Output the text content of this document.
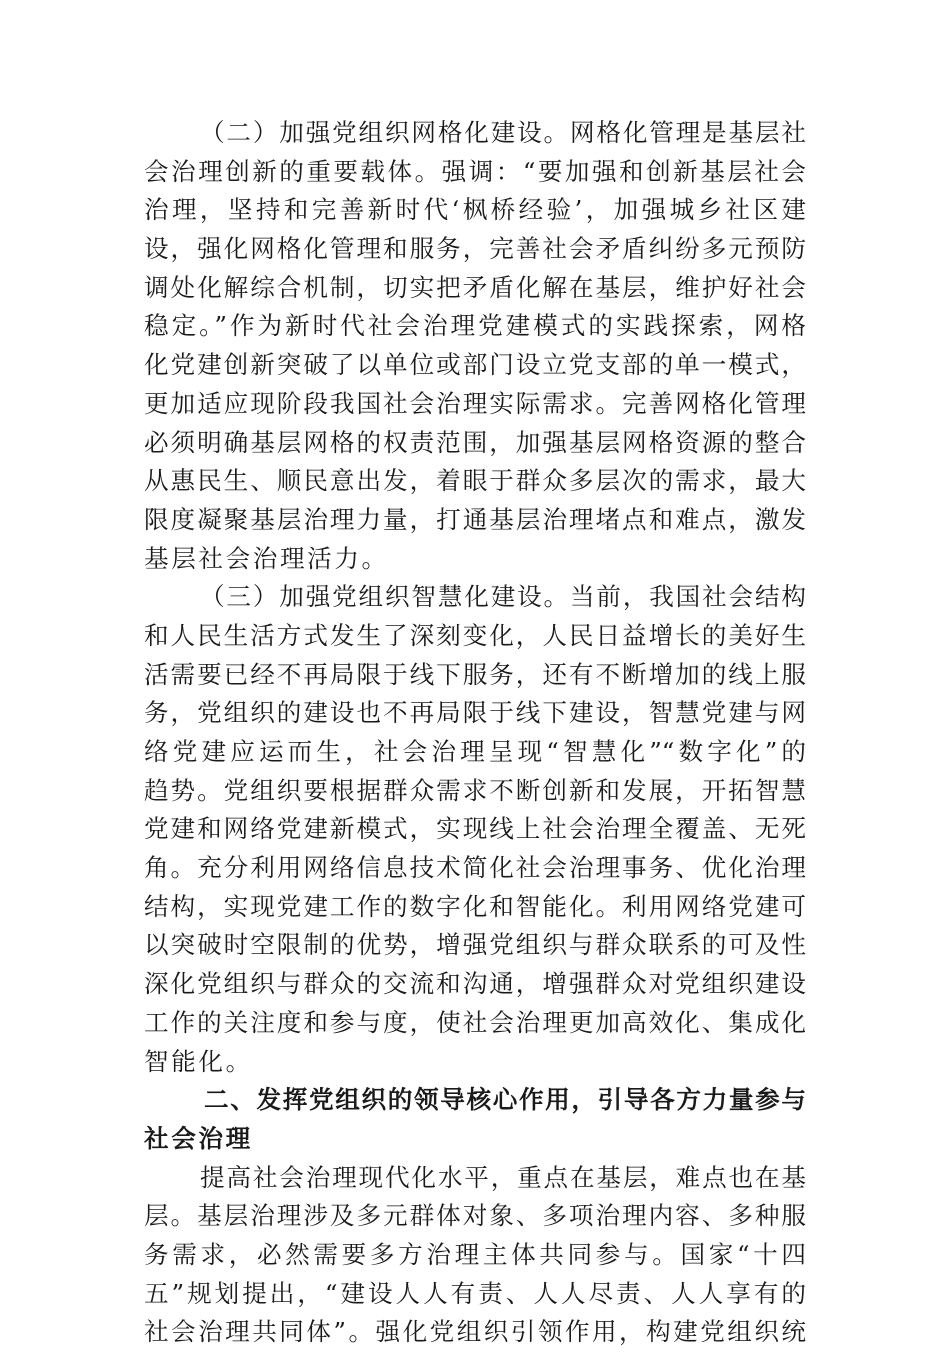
（二）加强党组织网格化建设。网格化管理是基层社
会治理创新的重要载体。强调：“要加强和创新基层社会
治理，坚持和完善新时代‘枫桥经验’，加强城乡社区建
设，强化网格化管理和服务，完善社会矛盾纠纷多元预防
调处化解综合机制，切实把矛盾化解在基层，维护好社会
稳定。”作为新时代社会治理党建模式的实践探索，网格
化党建创新突破了以单位或部门设立党支部的单一模式，
更加适应现阶段我国社会治理实际需求。完善网格化管理
必须明确基层网格的权责范围，加强基层网格资源的整合
从惠民生、顺民意出发，着眼于群众多层次的需求，最大
限度凝聚基层治理力量，打通基层治理堵点和难点，激发
基层社会治理活力。
（三）加强党组织智慧化建设。当前，我国社会结构
和人民生活方式发生了深刻变化，人民日益增长的美好生
活需要已经不再局限于线下服务，还有不断增加的线上服
务，党组织的建设也不再局限于线下建设，智慧党建与网
络党建应运而生，社会治理呈现“智慧化”“数字化”的
趋势。党组织要根据群众需求不断创新和发展，开拓智慧
党建和网络党建新模式，实现线上社会治理全覆盖、无死
角。充分利用网络信息技术简化社会治理事务、优化治理
结构，实现党建工作的数字化和智能化。利用网络党建可
以突破时空限制的优势，增强党组织与群众联系的可及性
深化党组织与群众的交流和沟通，增强群众对党组织建设
工作的关注度和参与度，使社会治理更加高效化、集成化
智能化。
二、发挥党组织的领导核心作用，引导各方力量参与
社会治理
提高社会治理现代化水平，重点在基层，难点也在基
层。基层治理涉及多元群体对象、多项治理内容、多种服
务需求，必然需要多方治理主体共同参与。国家“十四
五”规划提出，“建设人人有责、人人尽责、人人享有的
社会治理共同体”。强化党组织引领作用，构建党组织统
